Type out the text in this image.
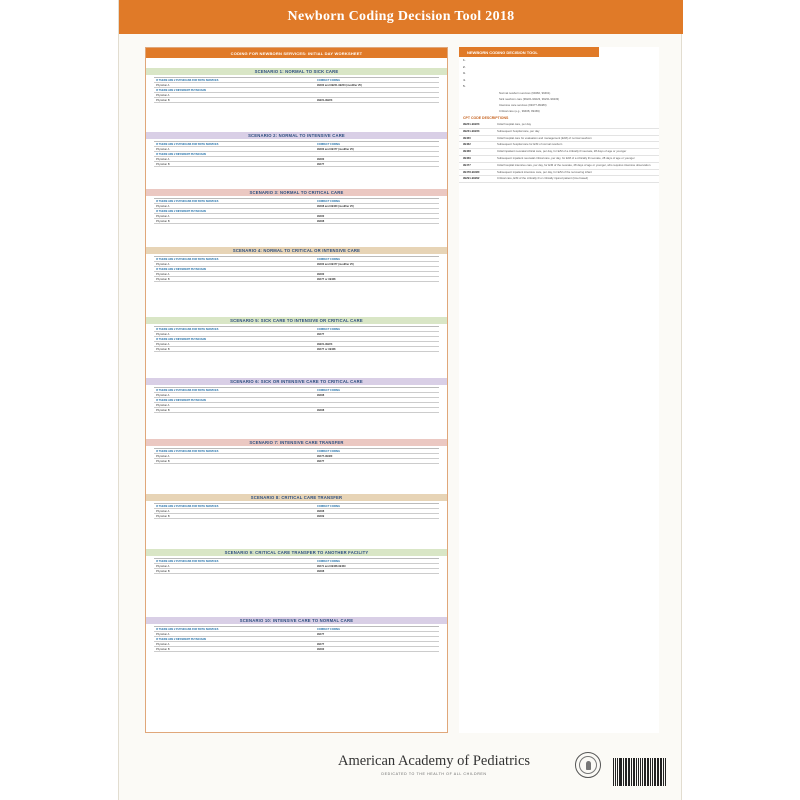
Newborn Coding Decision Tool 2018
CODING FOR NEWBORN SERVICES: INITIAL DAY WORKSHEET
SCENARIO 1: NORMAL TO SICK CARE
IF THERE ARE 2 PHYSICIANS FOR BOTH SERVICES	CORRECT CODING
Physician A	99460 and 99221-99223 (modifier 25)
IF THERE ARE 2 DIFFERENT PHYSICIANS
Physician A
Physician B	99221-99223
SCENARIO 2: NORMAL TO INTENSIVE CARE
IF THERE ARE 2 PHYSICIANS FOR BOTH SERVICES	CORRECT CODING
Physician A	99460 and 99477 (modifier 25)
IF THERE ARE 2 DIFFERENT PHYSICIANS
Physician A	99460
Physician B	99477
SCENARIO 3: NORMAL TO CRITICAL CARE
IF THERE ARE 2 PHYSICIANS FOR BOTH SERVICES	CORRECT CODING
Physician A	99468 and 99460 (modifier 25)
IF THERE ARE 2 DIFFERENT PHYSICIANS
Physician A	99460
Physician B	99468
SCENARIO 4: NORMAL TO CRITICAL OR INTENSIVE CARE
IF THERE ARE 2 PHYSICIANS FOR BOTH SERVICES	CORRECT CODING
Physician A	99460 and 99477 (modifier 25)
IF THERE ARE 2 DIFFERENT PHYSICIANS
Physician A	99460
Physician B	99477 or 99468
SCENARIO 5: SICK CARE TO INTENSIVE OR CRITICAL CARE
IF THERE ARE 2 PHYSICIANS FOR BOTH SERVICES	CORRECT CODING
Physician A	99477
IF THERE ARE 2 DIFFERENT PHYSICIANS
Physician A	99221-99223
Physician B	99477 or 99468
SCENARIO 6: SICK OR INTENSIVE CARE TO CRITICAL CARE
IF THERE ARE 2 PHYSICIANS FOR BOTH SERVICES	CORRECT CODING
Physician A	99468
IF THERE ARE 2 DIFFERENT PHYSICIANS
Physician A
Physician B	99468
SCENARIO 7: INTENSIVE CARE TRANSFER
IF THERE ARE 2 PHYSICIANS FOR BOTH SERVICES	CORRECT CODING
Physician A	99477-99480
Physician B	99477
SCENARIO 8: CRITICAL CARE TRANSFER
IF THERE ARE 2 PHYSICIANS FOR BOTH SERVICES	CORRECT CODING
Physician A	99468
Physician B	99469
SCENARIO 9: CRITICAL CARE TRANSFER TO ANOTHER FACILITY
IF THERE ARE 2 PHYSICIANS FOR BOTH SERVICES	CORRECT CODING
Physician A	99471 and 99468-99469
Physician B	99468
SCENARIO 10: INTENSIVE CARE TO NORMAL CARE
IF THERE ARE 2 PHYSICIANS FOR BOTH SERVICES	CORRECT CODING
Physician A	99477
IF THERE ARE 2 DIFFERENT PHYSICIANS
Physician A	99477
Physician B	99462
NEWBORN CODING DECISION TOOL
1.
2.
3.
4.
5.
Normal newborn services (99460, 99461)
Sick newborn care (99221-99223, 99231-99233)
Intensive care services (99477-99480)
Critical care (e.g., 99468, 99469)
CPT CODE DESCRIPTIONS
99221-99223	Initial hospital care, per day
99231-99233	Subsequent hospital care, per day
99460	Initial hospital care for evaluation and management (E/M) of normal newborn
99462	Subsequent hospital care for E/M of normal newborn
99468	Initial inpatient neonatal critical care, per day, for E/M of a critically ill neonate, 28 days of age or younger
99469	Subsequent inpatient neonatal critical care, per day, for E/M of a critically ill neonate, 28 days of age or younger
99477	Initial hospital intensive care, per day, for E/M of the neonate, 28 days of age or younger, who requires intensive observation
99478-99480	Subsequent inpatient intensive care, per day, for E/M of the recovering infant
99291-99292	Critical care, E/M of the critically ill or critically injured patient (time based)
American Academy of Pediatrics
DEDICATED TO THE HEALTH OF ALL CHILDREN
